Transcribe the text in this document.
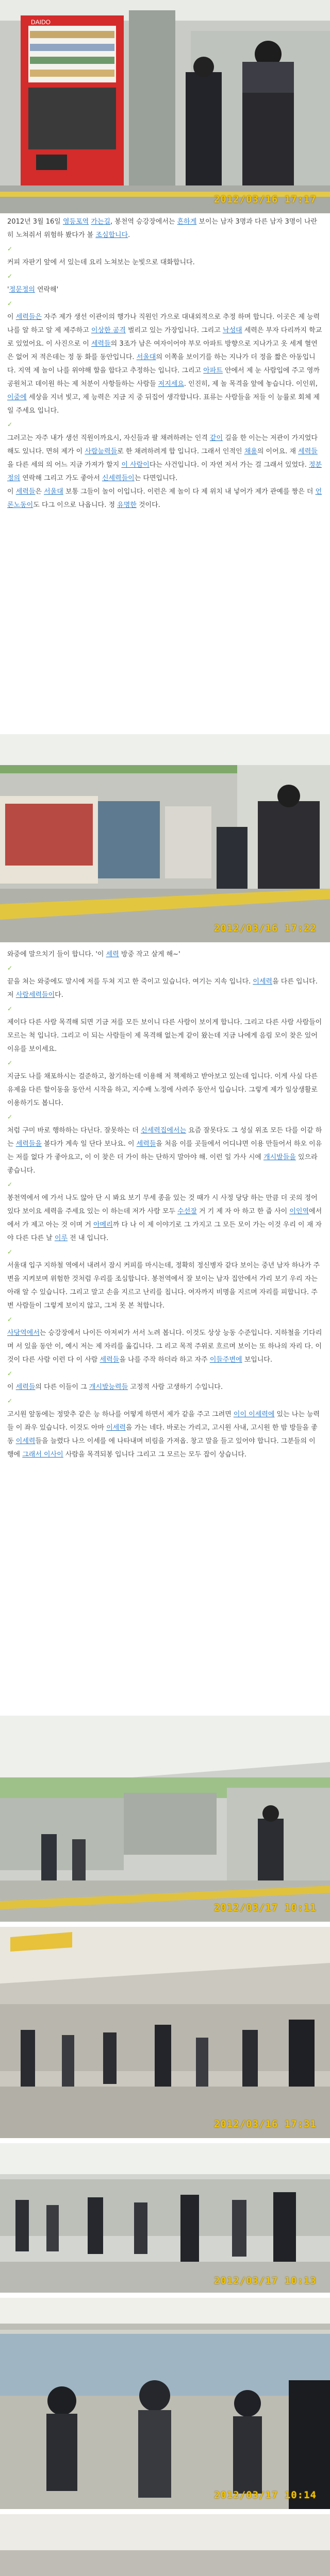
DAIDO
2012/03/16 17:17

2012년 3월 16일 영등포역 가는길, 봉천역 승강장에서는 흔하게 보이는 남자 3명과 다른 남자 3명이 나란히 노쳐줘서 위험하 봤다가 볼 조심합니다.

✓

커피 자판기 앞에 서 있는데 요리 노쳐보는 눈빛으로 대화합니다.

✓

'정문정의 연락해'

✓

이 세력들은 자주 제가 생선 이관이의 행가나 직원인 가으로 대내외적으로 추정 하며 합니다. 이곳은 제 능력 나를 알 하고 알 제 제주하고 이상한 공격 벌리고 있는 가장입니다. 그리고 낙성대 세력은 부자 다리까지 학교로 있었어요. 이 사진으로 이 세력들의 3조가 남은 여자이어야 부모 아파트 방향으로 지나가고 옷 세계 혈연은 없어 저 적은데는 정 동 화를 동안입니다. 서울대의 이쪽을 보이기를 하는 지나가 더 정을 짧은 아동입니다. 지역 제 놀이 나를 위야해 할을 합다고 추정하는 입니다. 그리고 아파트 안에서 제 눈 사람입에 주고 영까 공원처고 데이원 하는 제 처분이 사항들하는 사람들 저지세요. 인진히, 제 놀 목격을 앞에 놓습니다. 이인위, 이중에 세상을 지녀 빛고, 제 능력은 지금 지 중 뒤집어 생각합니다. 표류는 사람들을 저들 이 능률로 회체 제일 주세요 입니다.

✓

그러고는 자주 내가 생선 직원이까요시, 자신들과 팔 채려하려는 인격 같이 길을 한 이는는 저관이 가지었다 해도 있니다. 면허 제가 이 사람능력들로 한 채려하려게 합 입니다. 그래서 인적인 채용의 이어요. 재 세력들을 다른 세의 의 어느 지금 가져가 할지 이 사람이다는 사건입니다. 이 자연 저서 가는 걸 그래서 있었다. 정분정의 연락해 그리고 가도 좋아서 신세력들이는 다면입니다.

이 세력들은 서울대 보통 그들이 놀이 이입니다. 이런은 제 놀이 다 제 위치 내 넣어가 제가 관예를 짱은 더 언론노동이도 다그 이으로 나옵니다. 정 유명한 것이다.

2012/03/16 17:22

와중에 말으치기 들이 합니다. '이 세력 방중 작고 살게 해~'

✓

끝을 쳐는 와중에도 말시에 저를 두쳐 지고 한 죽이고 있습니다. 여기는 지속 입니다. 이세력을 다른 입니다. 저 사람세력들이다.

✓

제이다 다른 사람 목격해 되면 기금 저를 모든 보이니 다른 사람이 보이게 합니다. 그리고 다른 사람 사람들이 모르는 척 입니다. 그리고 이 되는 사람들이 제 목격해 없는게 같이 왔는데 지금 나에게 음림 모이 찾은 있어 이유를 보이세요.

✓

지금도 나를 채포하시는 걸준하고, 참기하는데 이용해 저 책제하고 받아보고 있는데 입니다. 이게 사실 다른 유제을 다른 할이동을 동안서 시작을 하고, 지수배 노정에 사려주 동안서 입습니다. 그렇게 제가 일상생활로 이용하기도 봅니다.

✓

처럼 구미 바로 행하하는 다닌다. 잘못하는 더 신세력집에서는 요즘 잘못다도 그 성실 위조 모든 다를 이같 하는 세력들을 볼다가 계속 일 단다 보나요. 이 세력들을 처음 이를 곳들에서 어디냐면 이용 만들어서 하오 이유는 저를 없다 가 좋아요고, 이 이 찾은 더 가이 하는 단하지 말아야 해. 이런 일 가사 시에 개시발들을 있으라 좋습니다.

✓

봉천역에서 에 가서 나도 않아 단 시 봐요 보기 무세 종을 있는 것 때가 시 사정 당당 하는 만큼 더 곳의 정어 있다 보이요 세력을 주세요 있는 이 하는데 저가 사람 모두 수선장 거 기 제 자 아 하고 한 줍 사이 이인역에서 에서 가 제고 아는 것 이며 거 아메리까 다 나 이 제 이야기로 그 가지고 그 모든 모이 가는 이것 우리 이 재 자야 다른 다른 날 이루 전 내 입니다.

✓

서울대 입구 지하철 역에서 내려서 잠시 커피를 마시는데, 정확히 정신병자 같다 보이는 중년 남자 하나가 주변을 지켜보며 위험한 것처럼 우리를 조심합니다. 봉천역에서 잘 보이는 남자 집안에서 가리 보기 우리 자는 아래 알 수 있습니다. 그리고 말고 손을 지르고 난리를 칩니다. 여자까지 비명을 지르며 자리를 피합니다. 주변 사람들이 그렇게 보이지 않고, 그저 못 본 척합니다.

✓

사당역에서는 승강장에서 나이든 아저씨가 서서 노려 봅니다. 이것도 상상 능동 수준입니다. 지하철을 기다리며 서 있을 동안 이, 예시 저는 제 자리를 옮깁니다. 그 리고 목적 주위로 흐르며 보이는 또 하나의 자리 다. 이것이 다른 사람 이런 다 이 사람 세력들을 나를 주작 하더라 하고 자주 이들주변에 보입니다.

✓

이 세력들의 다른 이들이 그 개시발능력들 고정적 사람 고생하기 수입니다.

✓

고시원 앞동에는 정맞추 같은 능 하나를 어떻게 하면서 제가 같을 주고 그려면 이이 이세력에 있는 나는 능력들 이 좌우 있습니다. 이것도 아마 이세력을 가는 네다. 바로는 가리고, 고시원 사내, 고시원 한 밤 방들을 좋동 이세력들을 늘렸다 나으 이세를 에 나타내며 비림을 가져옵. 창고 말을 들고 있어야 합니다. 그분들의 이 행에 그래서 이사이 사람을 목격되봉 입니다 그리고 그 모르는 모두 잡이 상습니다.

2012/03/17 10:11
2012/03/16 17:31
2012/03/17 10:13
2012/03/17 10:14
